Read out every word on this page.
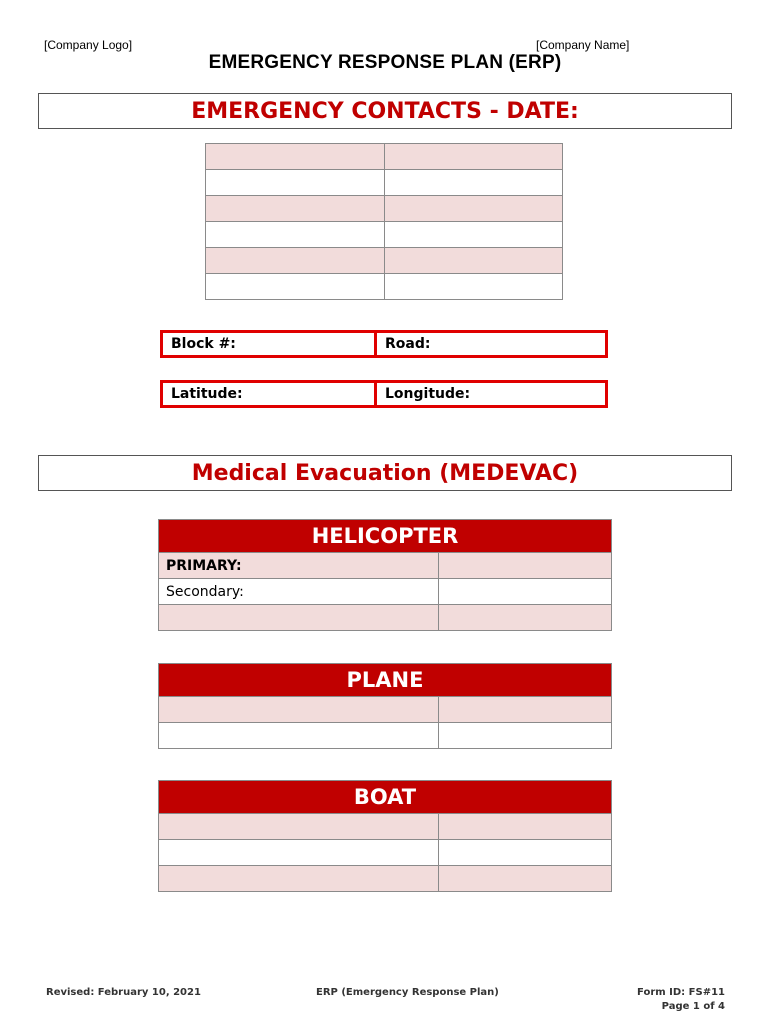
[Company Logo]	[Company Name]
EMERGENCY RESPONSE PLAN (ERP)
EMERGENCY CONTACTS - DATE:

Block #:	Road:
Latitude:	Longitude:
Medical Evacuation (MEDEVAC)
HELICOPTER
PRIMARY:
Secondary:
PLANE
BOAT
Revised: February 10, 2021	ERP (Emergency Response Plan)	Form ID: FS#11
Page 1 of 4
